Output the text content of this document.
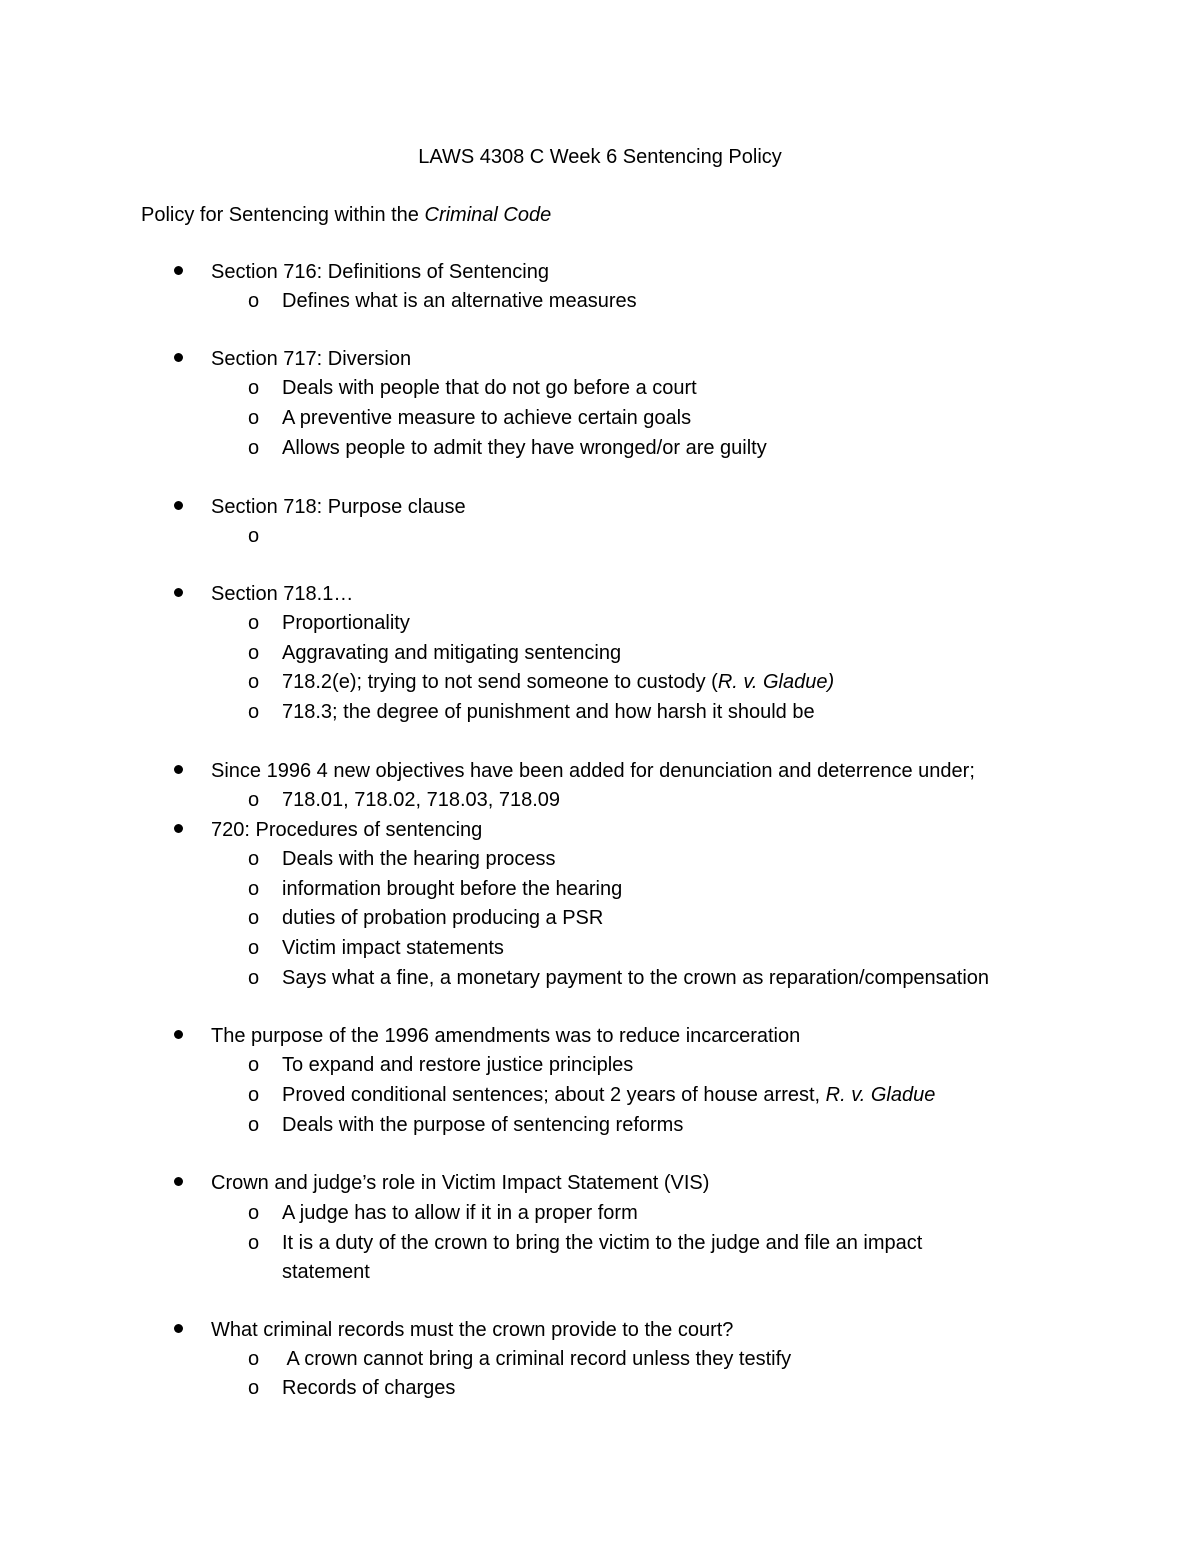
LAWS 4308 C Week 6 Sentencing Policy
Policy for Sentencing within the Criminal Code
Section 716: Definitions of Sentencing
o Defines what is an alternative measures
Section 717: Diversion
o Deals with people that do not go before a court
o A preventive measure to achieve certain goals
o Allows people to admit they have wronged/or are guilty
Section 718: Purpose clause
o
Section 718.1…
o Proportionality
o Aggravating and mitigating sentencing
o 718.2(e); trying to not send someone to custody (R. v. Gladue)
o 718.3; the degree of punishment and how harsh it should be
Since 1996 4 new objectives have been added for denunciation and deterrence under;
o 718.01, 718.02, 718.03, 718.09
720: Procedures of sentencing
o Deals with the hearing process
o information brought before the hearing
o duties of probation producing a PSR
o Victim impact statements
o Says what a fine, a monetary payment to the crown as reparation/compensation
The purpose of the 1996 amendments was to reduce incarceration
o To expand and restore justice principles
o Proved conditional sentences; about 2 years of house arrest, R. v. Gladue
o Deals with the purpose of sentencing reforms
Crown and judge’s role in Victim Impact Statement (VIS)
o A judge has to allow if it in a proper form
o It is a duty of the crown to bring the victim to the judge and file an impact
statement
What criminal records must the crown provide to the court?
o A crown cannot bring a criminal record unless they testify
o Records of charges
